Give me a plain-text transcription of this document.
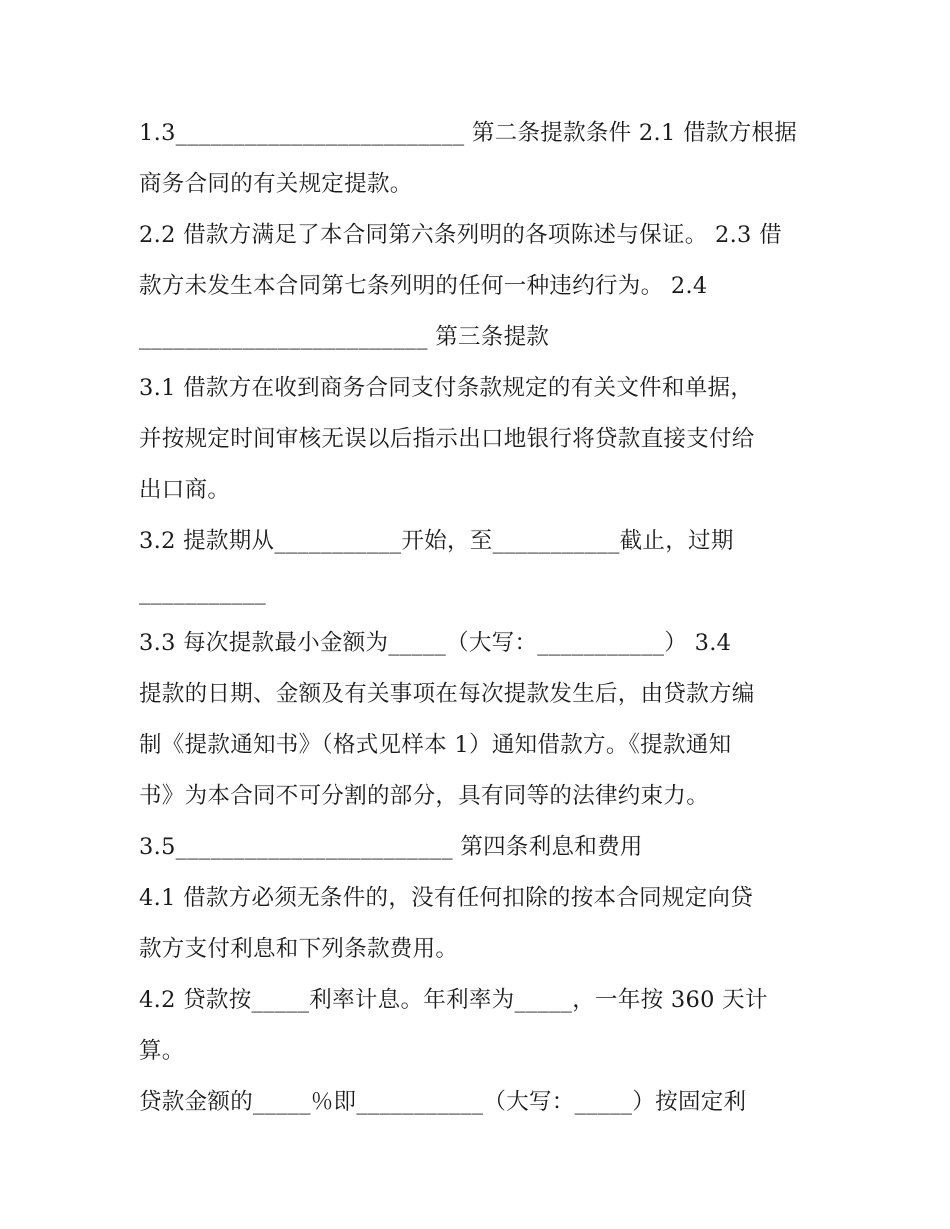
1.3_________________________ 第二条提款条件 2.1 借款方根据
商务合同的有关规定提款。
2.2 借款方满足了本合同第六条列明的各项陈述与保证。 2.3 借
款方未发生本合同第七条列明的任何一种违约行为。 2.4
_________________________ 第三条提款
3.1 借款方在收到商务合同支付条款规定的有关文件和单据，
并按规定时间审核无误以后指示出口地银行将贷款直接支付给
出口商。
3.2 提款期从___________开始，至___________截止，过期
___________
3.3 每次提款最小金额为_____（大写：___________） 3.4
提款的日期、金额及有关事项在每次提款发生后，由贷款方编
制《提款通知书》（格式见样本 1）通知借款方。《提款通知
书》为本合同不可分割的部分，具有同等的法律约束力。
3.5________________________ 第四条利息和费用
4.1 借款方必须无条件的，没有任何扣除的按本合同规定向贷
款方支付利息和下列条款费用。
4.2 贷款按_____利率计息。年利率为_____，一年按 360 天计
算。
贷款金额的_____％即___________（大写：_____）按固定利
